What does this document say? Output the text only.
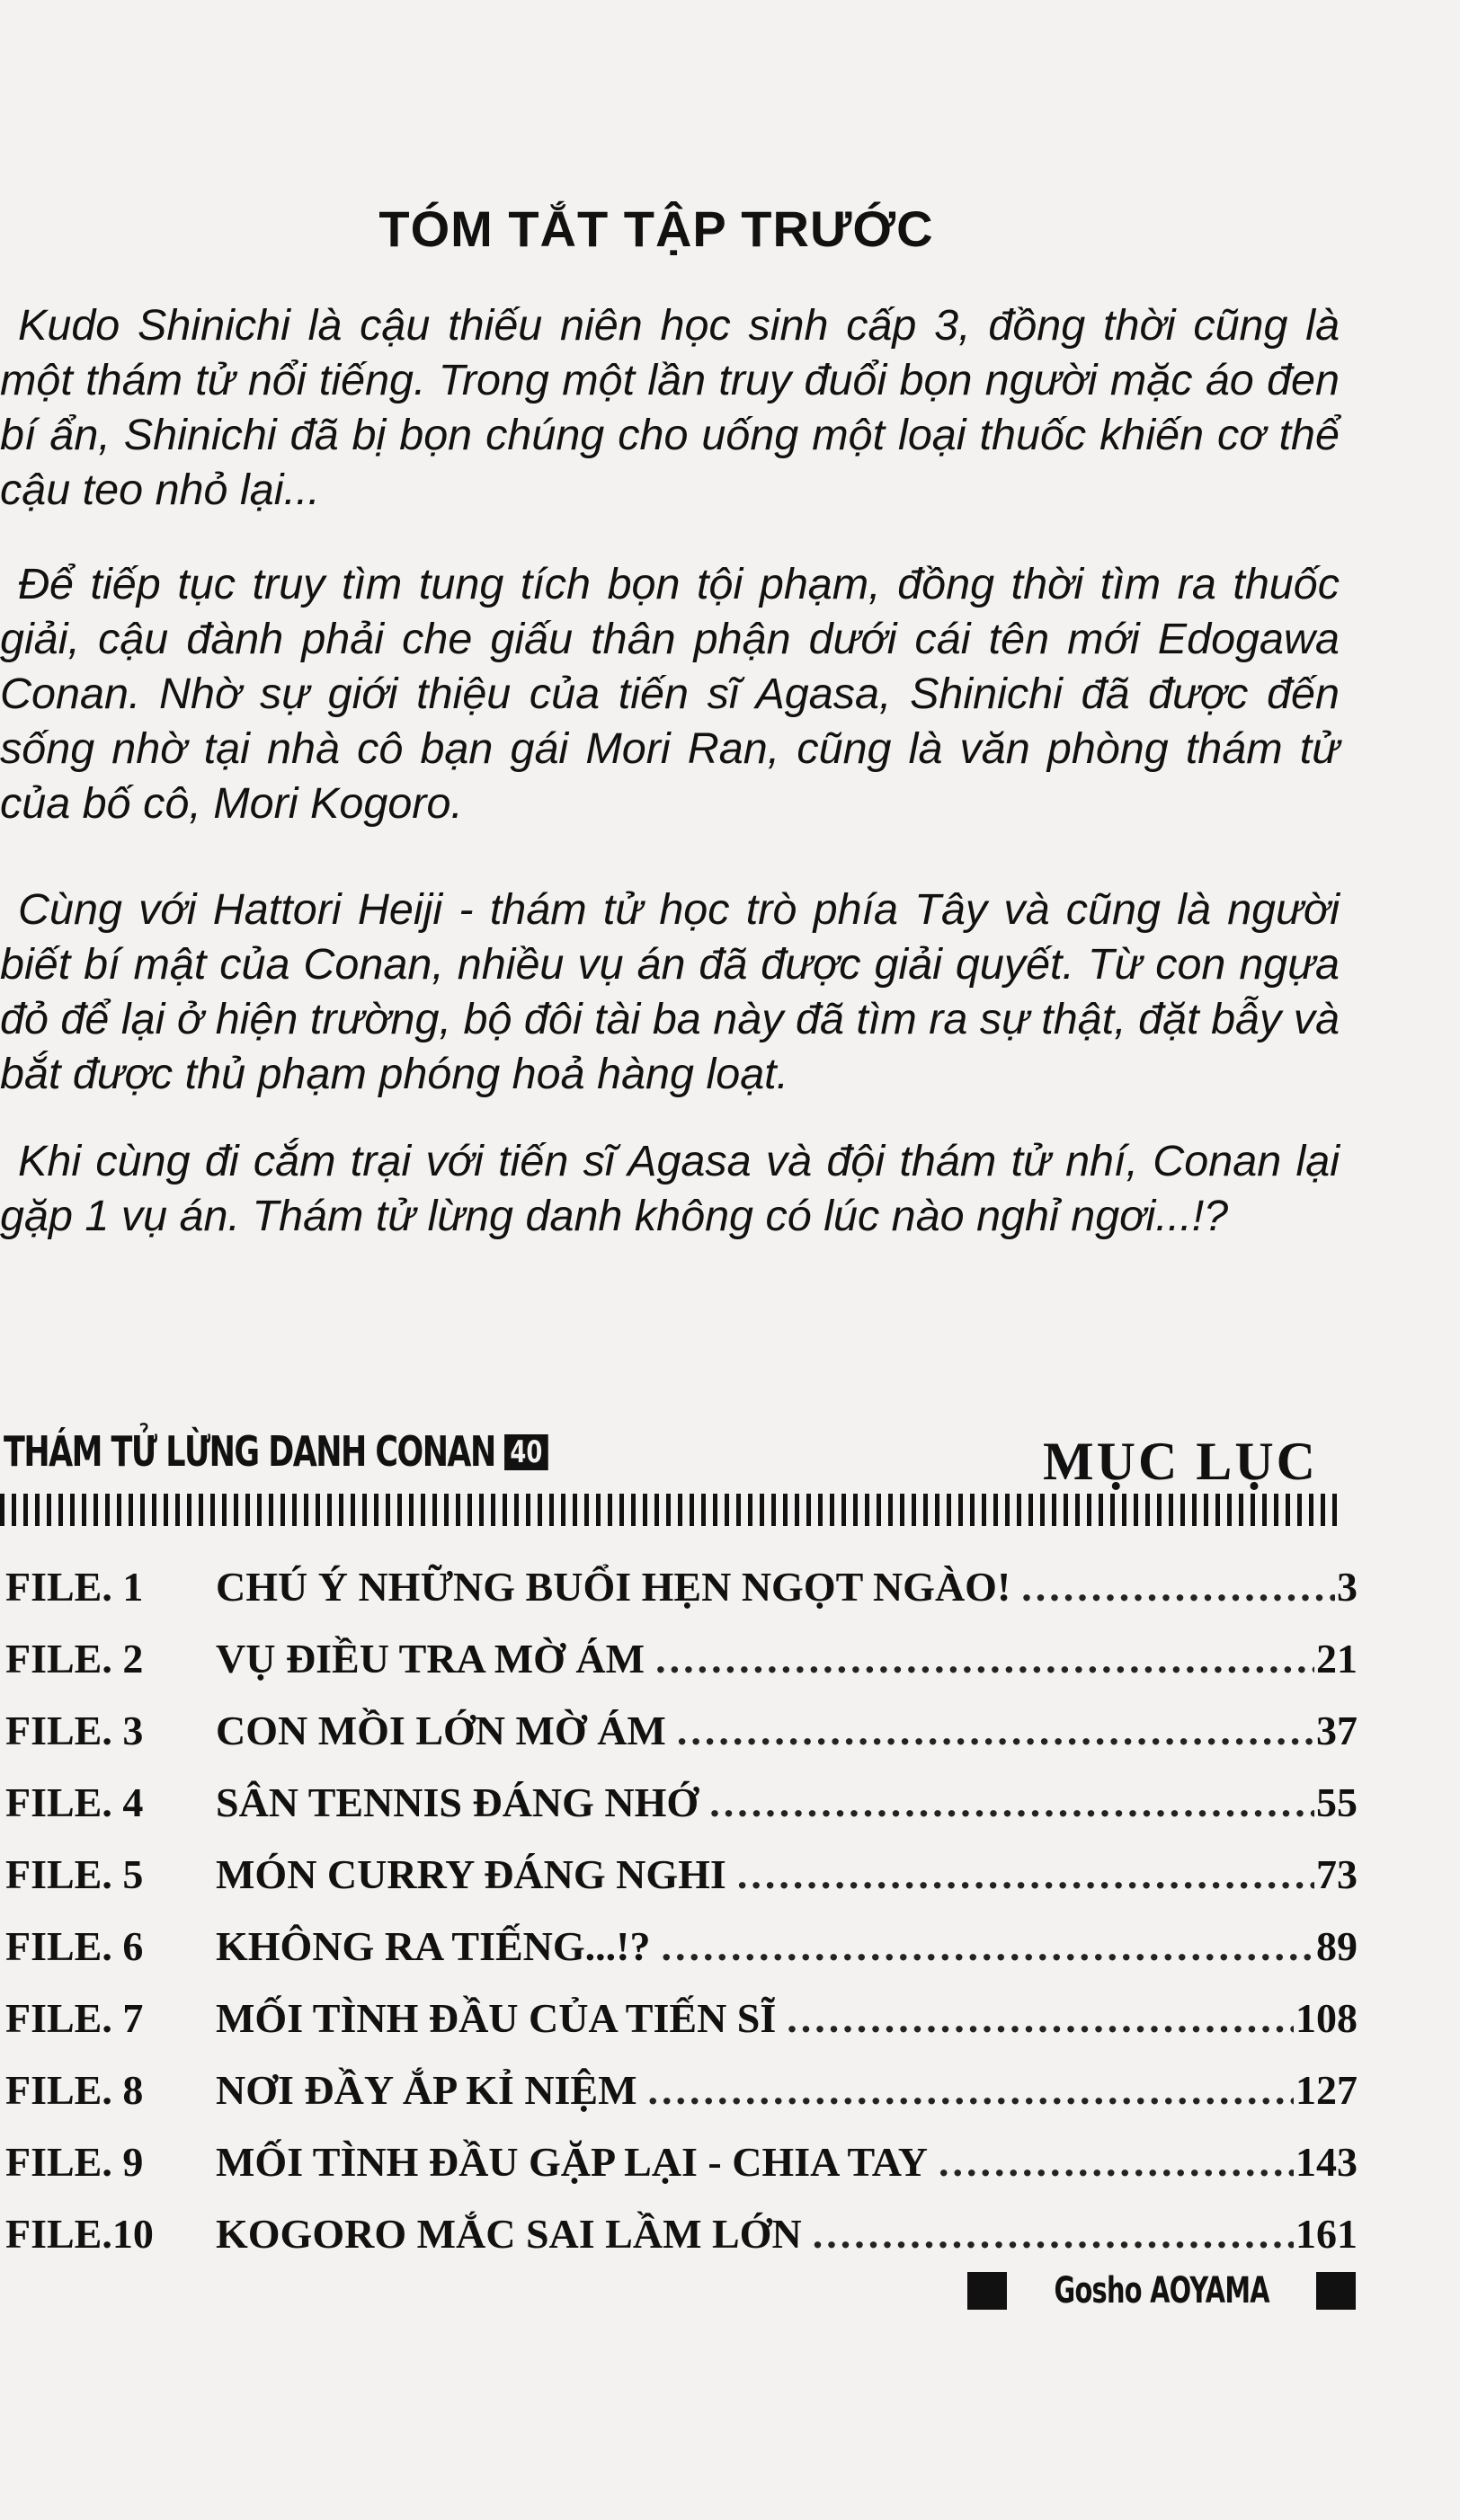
TÓM TẮT TẬP TRƯỚC
Kudo Shinichi là cậu thiếu niên học sinh cấp 3, đồng thời cũng là một thám tử nổi tiếng. Trong một lần truy đuổi bọn người mặc áo đen bí ẩn, Shinichi đã bị bọn chúng cho uống một loại thuốc khiến cơ thể cậu teo nhỏ lại...
Để tiếp tục truy tìm tung tích bọn tội phạm, đồng thời tìm ra thuốc giải, cậu đành phải che giấu thân phận dưới cái tên mới Edogawa Conan. Nhờ sự giới thiệu của tiến sĩ Agasa, Shinichi đã được đến sống nhờ tại nhà cô bạn gái Mori Ran, cũng là văn phòng thám tử của bố cô, Mori Kogoro.
Cùng với Hattori Heiji - thám tử học trò phía Tây và cũng là người biết bí mật của Conan, nhiều vụ án đã được giải quyết. Từ con ngựa đỏ để lại ở hiện trường, bộ đôi tài ba này đã tìm ra sự thật, đặt bẫy và bắt được thủ phạm phóng hoả hàng loạt.
Khi cùng đi cắm trại với tiến sĩ Agasa và đội thám tử nhí, Conan lại gặp 1 vụ án. Thám tử lừng danh không có lúc nào nghỉ ngơi...!?
THÁM TỬ LỪNG DANH CONAN 40	MỤC LỤC
FILE. 1 CHÚ Ý NHỮNG BUỔI HẸN NGỌT NGÀO! .....	3
FILE. 2 VỤ ĐIỀU TRA MỜ ÁM .....	21
FILE. 3 CON MỒI LỚN MỜ ÁM .....	37
FILE. 4 SÂN TENNIS ĐÁNG NHỚ .....	55
FILE. 5 MÓN CURRY ĐÁNG NGHI .....	73
FILE. 6 KHÔNG RA TIẾNG...!? .....	89
FILE. 7 MỐI TÌNH ĐẦU CỦA TIẾN SĨ .....	108
FILE. 8 NƠI ĐẦY ẮP KỈ NIỆM .....	127
FILE. 9 MỐI TÌNH ĐẦU GẶP LẠI - CHIA TAY .....	143
FILE.10 KOGORO MẮC SAI LẦM LỚN .....	161
Gosho AOYAMA
